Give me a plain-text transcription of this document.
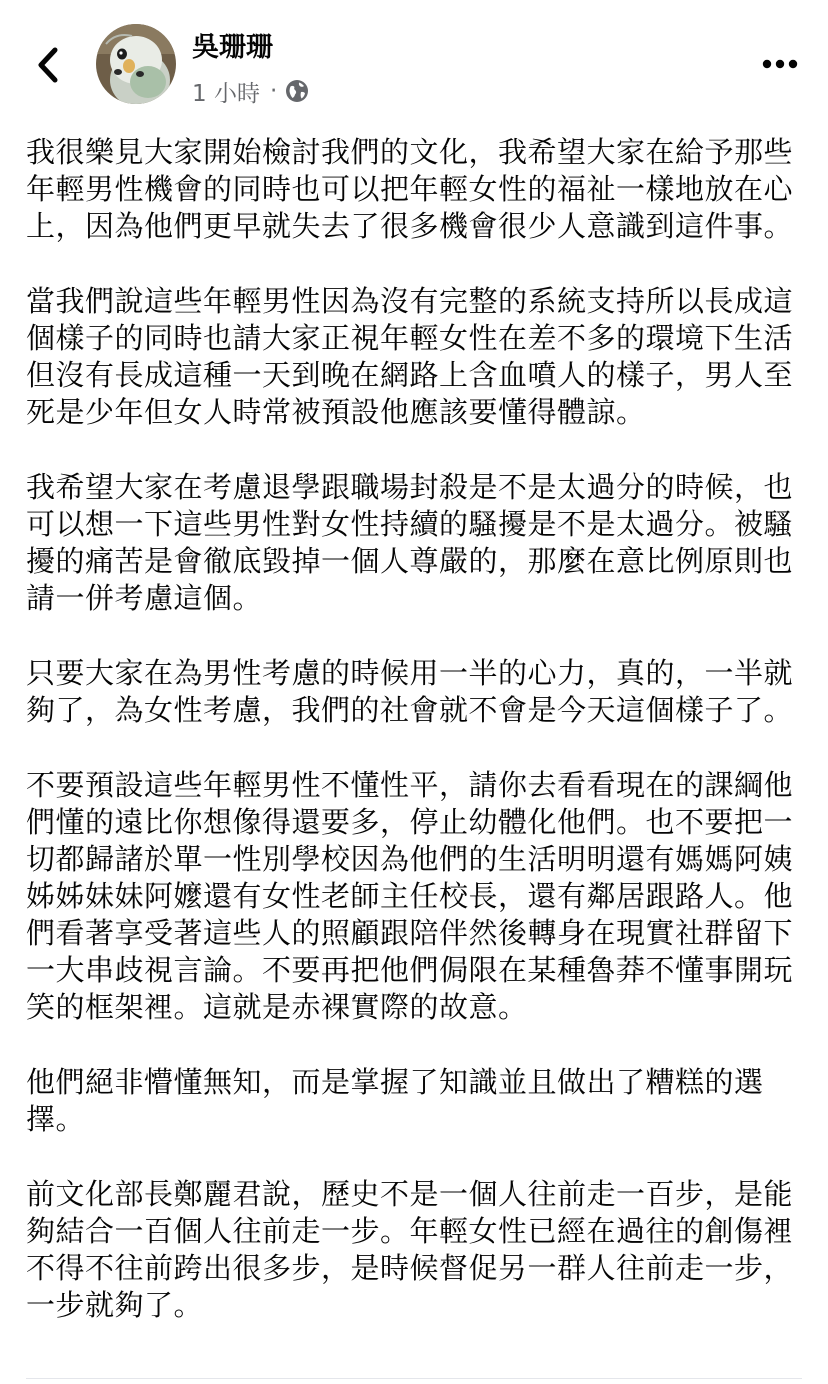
吳珊珊
1 小時 ·

我很樂見大家開始檢討我們的文化，我希望大家在給予那些年輕男性機會的同時也可以把年輕女性的福祉一樣地放在心上，因為他們更早就失去了很多機會很少人意識到這件事。

當我們說這些年輕男性因為沒有完整的系統支持所以長成這個樣子的同時也請大家正視年輕女性在差不多的環境下生活但沒有長成這種一天到晚在網路上含血噴人的樣子，男人至死是少年但女人時常被預設他應該要懂得體諒。

我希望大家在考慮退學跟職場封殺是不是太過分的時候，也可以想一下這些男性對女性持續的騷擾是不是太過分。被騷擾的痛苦是會徹底毀掉一個人尊嚴的，那麼在意比例原則也請一併考慮這個。

只要大家在為男性考慮的時候用一半的心力，真的，一半就夠了，為女性考慮，我們的社會就不會是今天這個樣子了。

不要預設這些年輕男性不懂性平，請你去看看現在的課綱他們懂的遠比你想像得還要多，停止幼體化他們。也不要把一切都歸諸於單一性別學校因為他們的生活明明還有媽媽阿姨姊姊妹妹阿嬤還有女性老師主任校長，還有鄰居跟路人。他們看著享受著這些人的照顧跟陪伴然後轉身在現實社群留下一大串歧視言論。不要再把他們侷限在某種魯莽不懂事開玩笑的框架裡。這就是赤裸實際的故意。

他們絕非懵懂無知，而是掌握了知識並且做出了糟糕的選擇。

前文化部長鄭麗君說，歷史不是一個人往前走一百步，是能夠結合一百個人往前走一步。年輕女性已經在過往的創傷裡不得不往前跨出很多步，是時候督促另一群人往前走一步，一步就夠了。
